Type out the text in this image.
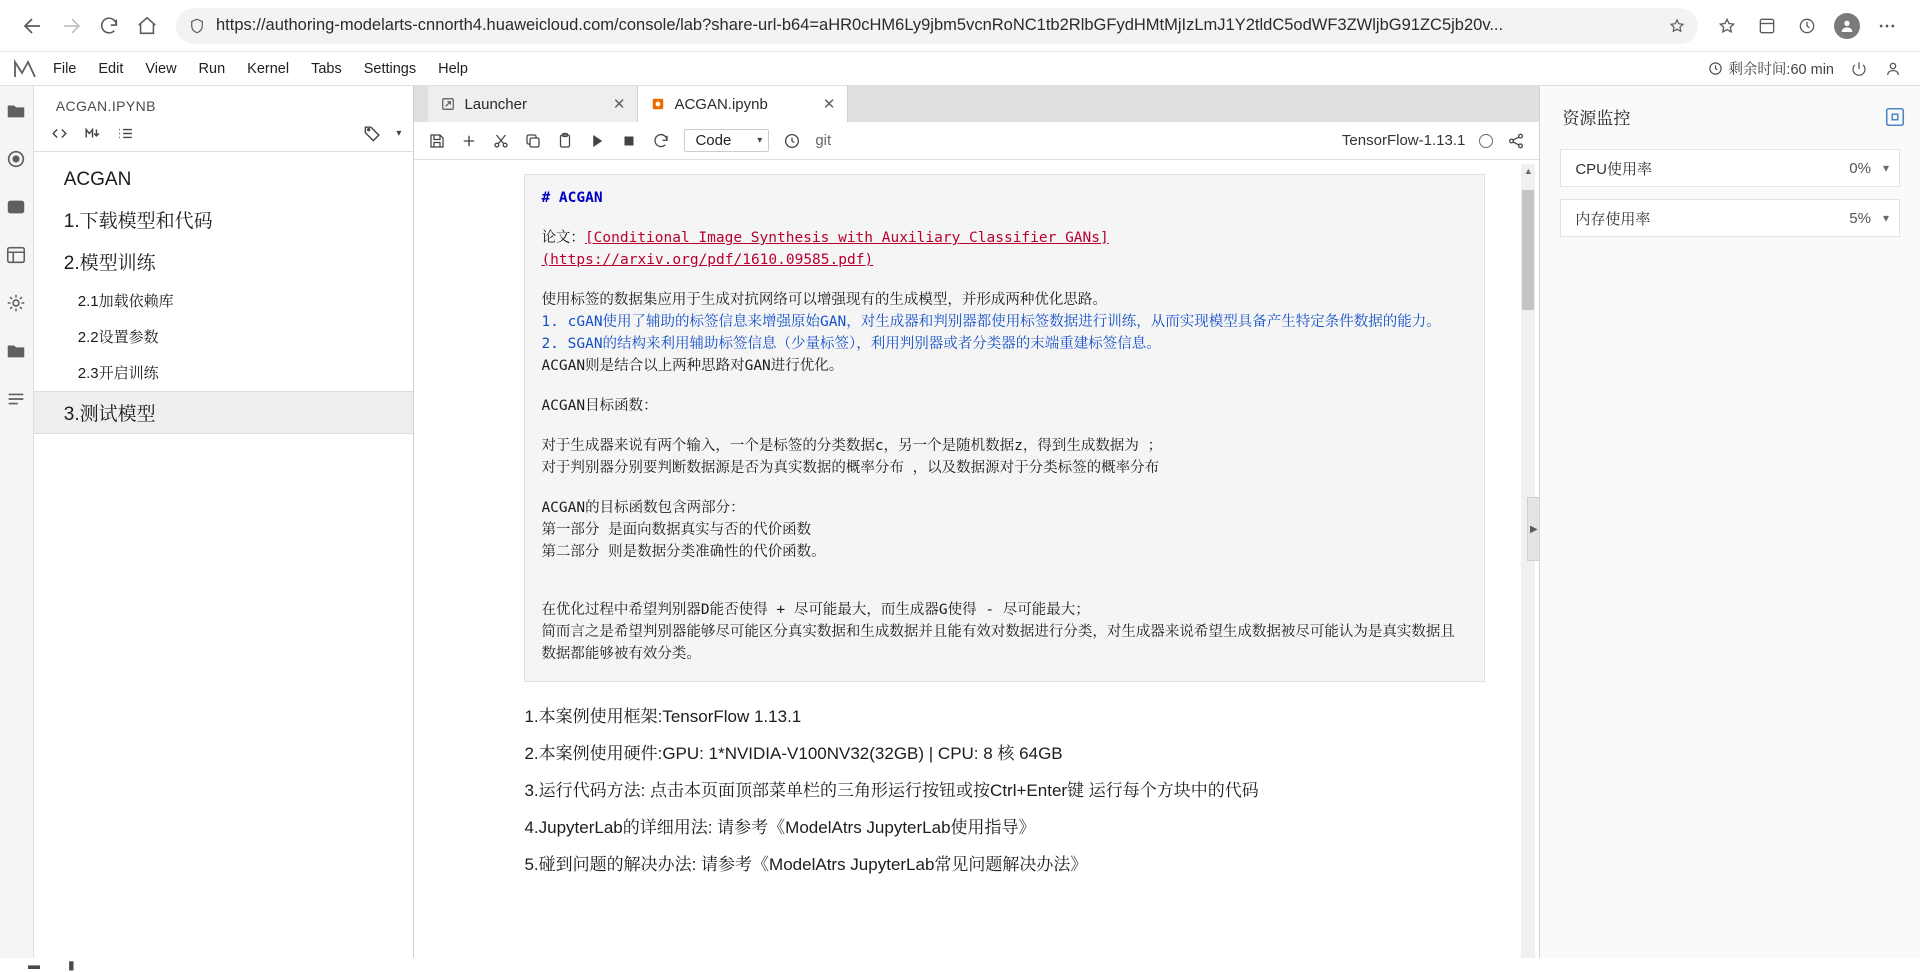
https://authoring-modelarts-cnnorth4.huaweicloud.com/console/lab?share-url-b64=aHR0cHM6Ly9jbm5vcnRoNC1tb2RlbGFydHMtMjIzLmJ1Y2tldC5odWF3ZWljbG91ZC5jb20v...
File	Edit	View	Run	Kernel	Tabs	Settings	Help	剩余时间:60 min
ACGAN.IPYNB
▾
ACGAN
1.下载模型和代码
2.模型训练
2.1加载依赖库
2.2设置参数
2.3开启训练
3.测试模型
Launcher	✕	ACGAN.ipynb	✕
Code	▾	git	TensorFlow-1.13.1

# ACGAN

论文：[Conditional Image Synthesis with Auxiliary Classifier GANs]

(https://arxiv.org/pdf/1610.09585.pdf)

使用标签的数据集应用于生成对抗网络可以增强现有的生成模型，并形成两种优化思路。

1. cGAN使用了辅助的标签信息来增强原始GAN，对生成器和判别器都使用标签数据进行训练，从而实现模型具备产生特定条件数据的能力。

2. SGAN的结构来利用辅助标签信息（少量标签），利用判别器或者分类器的末端重建标签信息。

ACGAN则是结合以上两种思路对GAN进行优化。

ACGAN目标函数：

对于生成器来说有两个输入，一个是标签的分类数据c，另一个是随机数据z，得到生成数据为 ；

对于判别器分别要判断数据源是否为真实数据的概率分布 ，以及数据源对于分类标签的概率分布

ACGAN的目标函数包含两部分：

第一部分 是面向数据真实与否的代价函数

第二部分 则是数据分类准确性的代价函数。

在优化过程中希望判别器D能否使得 + 尽可能最大，而生成器G使得 - 尽可能最大；

简而言之是希望判别器能够尽可能区分真实数据和生成数据并且能有效对数据进行分类，对生成器来说希望生成数据被尽可能认为是真实数据且数据都能够被有效分类。

1.本案例使用框架:TensorFlow 1.13.1

2.本案例使用硬件:GPU: 1*NVIDIA-V100NV32(32GB) | CPU: 8 核 64GB

3.运行代码方法: 点击本页面顶部菜单栏的三角形运行按钮或按Ctrl+Enter键 运行每个方块中的代码

4.JupyterLab的详细用法: 请参考《ModelAtrs JupyterLab使用指导》

5.碰到问题的解决办法: 请参考《ModelAtrs JupyterLab常见问题解决办法》

▲
▶
资源监控
CPU使用率	0% ▾
内存使用率	5% ▾
▬ ▮
